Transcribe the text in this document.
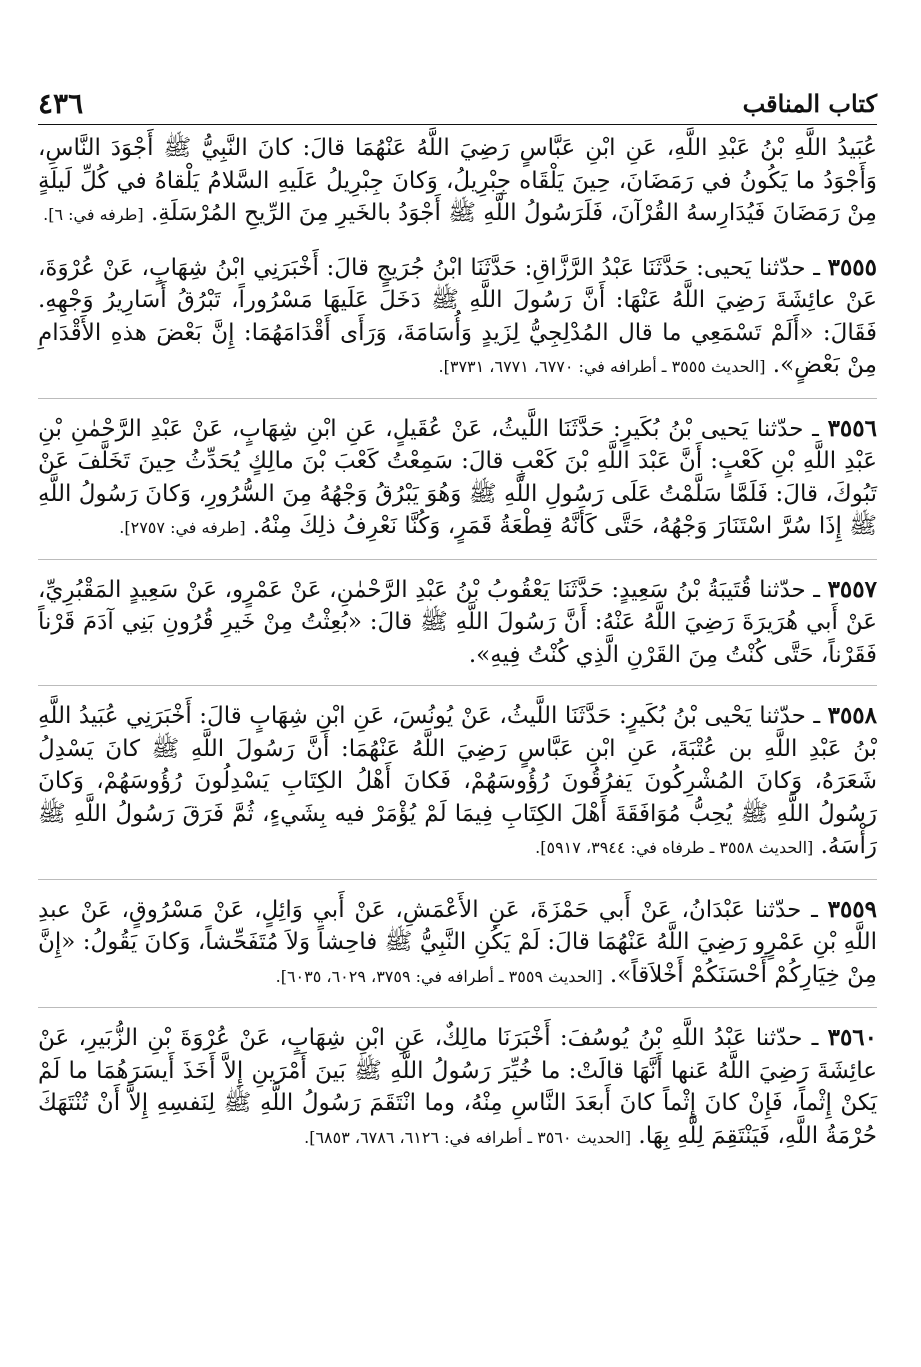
كتاب المناقب
٤٣٦

عُبَيدُ اللَّهِ بْنُ عَبْدِ اللَّهِ، عَنِ ابْنِ عَبَّاسٍ رَضِيَ اللَّهُ عَنْهُمَا قالَ: كانَ النَّبِيُّ ﷺ أَجْوَدَ النَّاسِ، وَأَجْوَدُ ما يَكُونُ في رَمَضَانَ، حِينَ يَلْقَاه جِبْرِيلُ، وَكانَ جِبْرِيلُ عَلَيهِ السَّلامُ يَلْقاهُ في كُلِّ لَيلَةٍ مِنْ رَمَضَانَ فَيُدَارِسهُ القُرْآنَ، فَلَرَسُولُ اللَّهِ ﷺ أَجْوَدُ بالخَيرِ مِنَ الرِّيحِ المُرْسَلَةِ. [طرفه في: ٦].

٣٥٥٥ ـ حدّثنا يَحيى: حَدَّثَنَا عَبْدُ الرَّزَّاقِ: حَدَّثَنَا ابْنُ جُرَيجٍ قالَ: أَخْبَرَنِي ابْنُ شِهَابٍ، عَنْ عُرْوَةَ، عَنْ عائِشَةَ رَضِيَ اللَّهُ عَنْهَا: أَنَّ رَسُولَ اللَّهِ ﷺ دَخَلَ عَلَيهَا مَسْرُوراً، تَبْرُقُ أَسَارِيرُ وَجْهِهِ. فَقَالَ: «أَلَمْ تَسْمَعِي ما قال المُدْلِجِيُّ لِزَيدٍ وَأُسَامَةَ، وَرَأَى أَقْدَامَهُمَا: إِنَّ بَعْضَ هذهِ الأَقْدَامِ مِنْ بَعْضٍ». [الحديث ٣٥٥٥ ـ أطرافه في: ٦٧٧٠، ٦٧٧١، ٣٧٣١].

٣٥٥٦ ـ حدّثنا يَحيى بْنُ بُكَيرٍ: حَدَّثَنَا اللَّيثُ، عَنْ عُقَيلٍ، عَنِ ابْنِ شِهَابٍ، عَنْ عَبْدِ الرَّحْمٰنِ بْنِ عَبْدِ اللَّهِ بْنِ كَعْبٍ: أَنَّ عَبْدَ اللَّهِ بْنَ كَعْبٍ قالَ: سَمِعْتُ كَعْبَ بْنَ مالِكٍ يُحَدِّثُ حِينَ تَخَلَّفَ عَنْ تَبُوكَ، قالَ: فَلَمَّا سَلَّمْتُ عَلَى رَسُولِ اللَّهِ ﷺ وَهُوَ يَبْرُقُ وَجْهُهُ مِنَ السُّرُورِ، وَكانَ رَسُولُ اللَّهِ ﷺ إِذَا سُرَّ اسْتَنَارَ وَجْهُهُ، حَتَّى كَأَنَّهُ قِطْعَةُ قَمَرٍ، وَكُنَّا نَعْرِفُ ذلِكَ مِنْهُ. [طرفه في: ٢٧٥٧].

٣٥٥٧ ـ حدّثنا قُتَيبَةُ بْنُ سَعِيدٍ: حَدَّثَنَا يَعْقُوبُ بْنُ عَبْدِ الرَّحْمٰنِ، عَنْ عَمْرٍو، عَنْ سَعِيدٍ المَقْبُرِيِّ، عَنْ أَبي هُرَيرَةَ رَضِيَ اللَّهُ عَنْهُ: أَنَّ رَسُولَ اللَّهِ ﷺ قالَ: «بُعِثْتُ مِنْ خَيرِ قُرُونِ بَنِي آدَمَ قَرْناً فَقَرْناً، حَتَّى كُنْتُ مِنَ القَرْنِ الَّذِي كُنْتُ فِيهِ».

٣٥٥٨ ـ حدّثنا يَحْيى بْنُ بُكَيرٍ: حَدَّثَنَا اللَّيثُ، عَنْ يُونُسَ، عَنِ ابْنِ شِهَابٍ قالَ: أَخْبَرَنِي عُبَيدُ اللَّهِ بْنُ عَبْدِ اللَّهِ بن عُتْبَةَ، عَنِ ابْنِ عَبَّاسٍ رَضِيَ اللَّهُ عَنْهُمَا: أَنَّ رَسُولَ اللَّهِ ﷺ كانَ يَسْدِلُ شَعَرَهُ، وَكانَ المُشْرِكُونَ يَفرُقُونَ رُؤُوسَهُمْ، فَكانَ أَهْلُ الكِتَابِ يَسْدِلُونَ رُؤُوسَهُمْ، وَكانَ رَسُولُ اللَّهِ ﷺ يُحِبُّ مُوَافَقَةَ أَهْلَ الكِتَابِ فِيمَا لَمْ يُؤْمَرْ فيه بِشَيءٍ، ثُمَّ فَرَقَ رَسُولُ اللَّهِ ﷺ رَأْسَهُ. [الحديث ٣٥٥٨ ـ طرفاه في: ٣٩٤٤، ٥٩١٧].

٣٥٥٩ ـ حدّثنا عَبْدَانُ، عَنْ أَبي حَمْزَةَ، عَنِ الأَعْمَشِ، عَنْ أَبي وَائِلٍ، عَنْ مَسْرُوقٍ، عَنْ عبدِ اللَّهِ بْنِ عَمْرٍو رَضِيَ اللَّهُ عَنْهُمَا قالَ: لَمْ يَكُنِ النَّبِيُّ ﷺ فاحِشاً وَلاَ مُتَفَحِّشاً، وَكانَ يَقُولُ: «إِنَّ مِنْ خِيَارِكُمْ أَحْسَنَكُمْ أَخْلاَقاً». [الحديث ٣٥٥٩ ـ أطرافه في: ٣٧٥٩، ٦٠٢٩، ٦٠٣٥].

٣٥٦٠ ـ حدّثنا عَبْدُ اللَّهِ بْنُ يُوسُفَ: أَخْبَرَنَا مالِكٌ، عَنِ ابْنِ شِهَابٍ، عَنْ عُرْوَةَ بْنِ الزُّبَيرِ، عَنْ عائِشَةَ رَضِيَ اللَّهُ عَنها أَنَّهَا قالَتْ: ما خُيِّرَ رَسُولُ اللَّهِ ﷺ بَينَ أَمْرَينِ إِلاَّ أَخَذَ أَيسَرَهُمَا ما لَمْ يَكنْ إِثْماً، فَإِنْ كانَ إِثْماً كانَ أَبعَدَ النَّاسِ مِنْهُ، وما انْتَقَمَ رَسُولُ اللَّهِ ﷺ لِنَفسِهِ إِلاَّ أَنْ تُنْتَهَكَ حُرْمَةُ اللَّهِ، فَيَنْتَقِمَ لِلَّهِ بِهَا. [الحديث ٣٥٦٠ ـ أطرافه في: ٦١٢٦، ٦٧٨٦، ٦٨٥٣].
